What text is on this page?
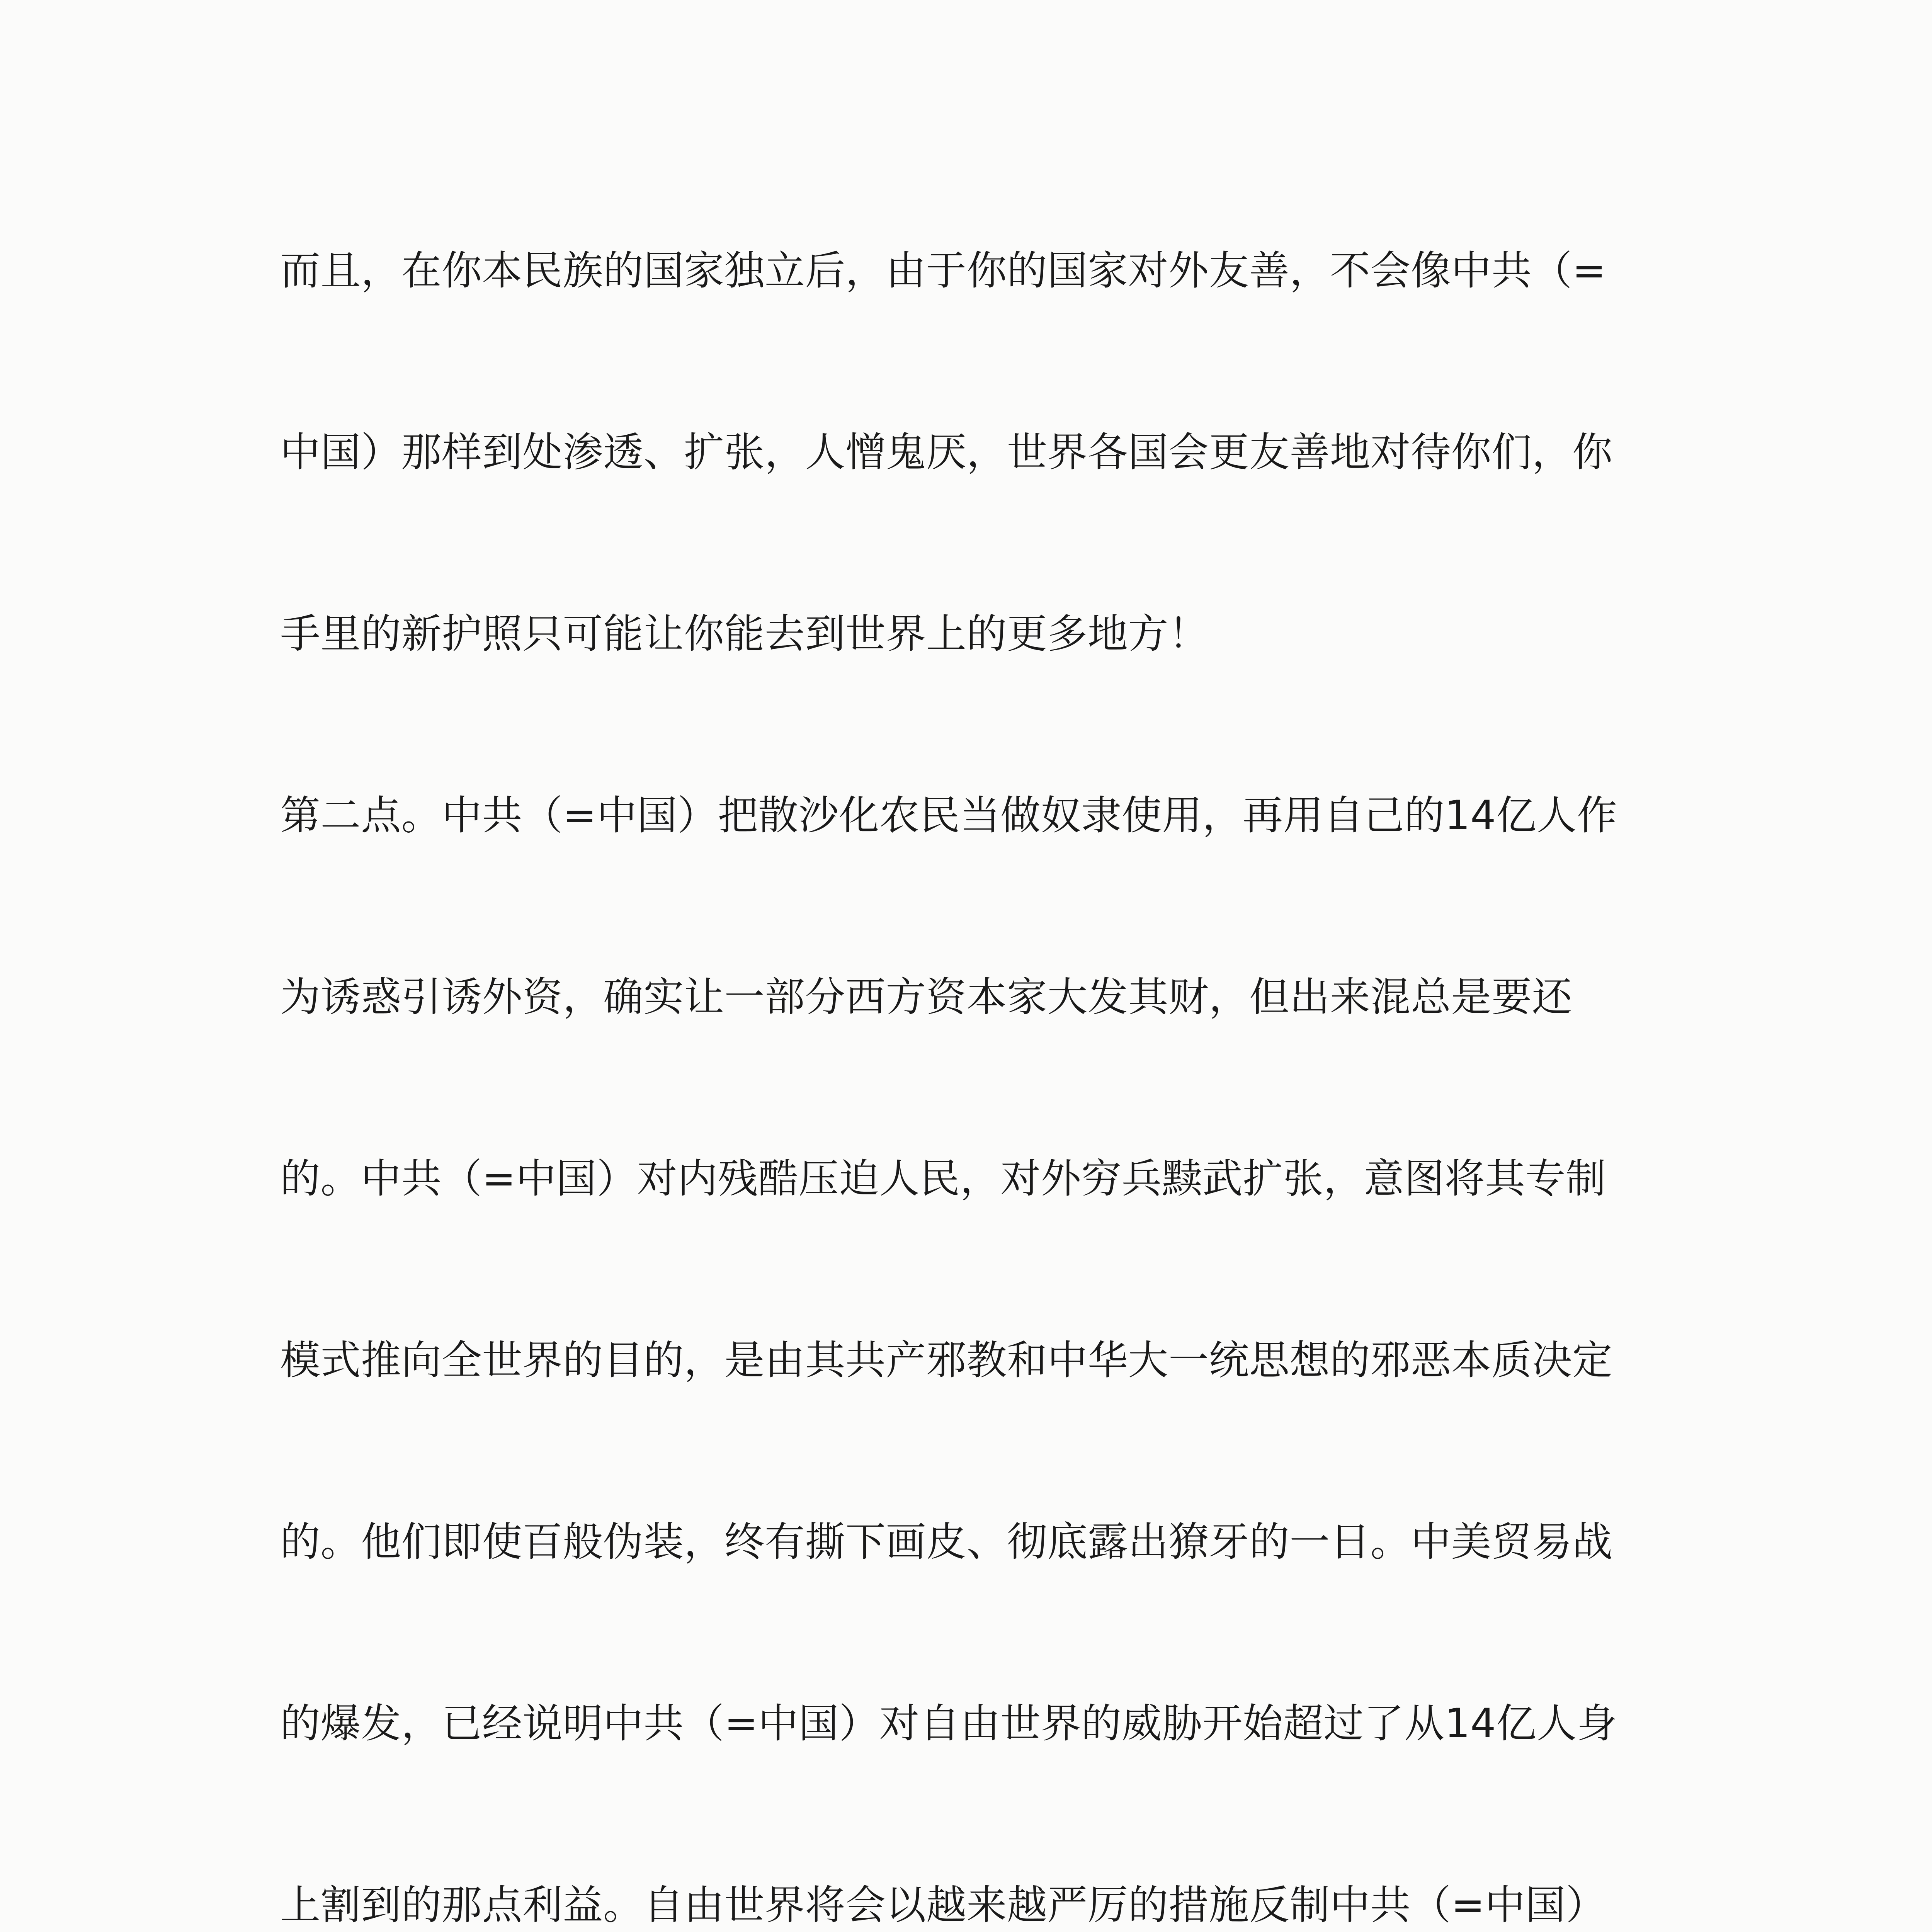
而且，在你本民族的国家独立后，由于你的国家对外友善，不会像中共（=

中国）那样到处渗透、扩张，人憎鬼厌，世界各国会更友善地对待你们，你

手里的新护照只可能让你能去到世界上的更多地方！

第二点。中共（=中国）把散沙化农民当做奴隶使用，再用自己的14亿人作

为诱惑引诱外资，确实让一部分西方资本家大发其财，但出来混总是要还

的。中共（=中国）对内残酷压迫人民，对外穷兵黩武扩张，意图将其专制

模式推向全世界的目的，是由其共产邪教和中华大一统思想的邪恶本质决定

的。他们即使百般伪装，终有撕下画皮、彻底露出獠牙的一日。中美贸易战

的爆发，已经说明中共（=中国）对自由世界的威胁开始超过了从14亿人身

上割到的那点利益。自由世界将会以越来越严厉的措施反制中共（=中国）
